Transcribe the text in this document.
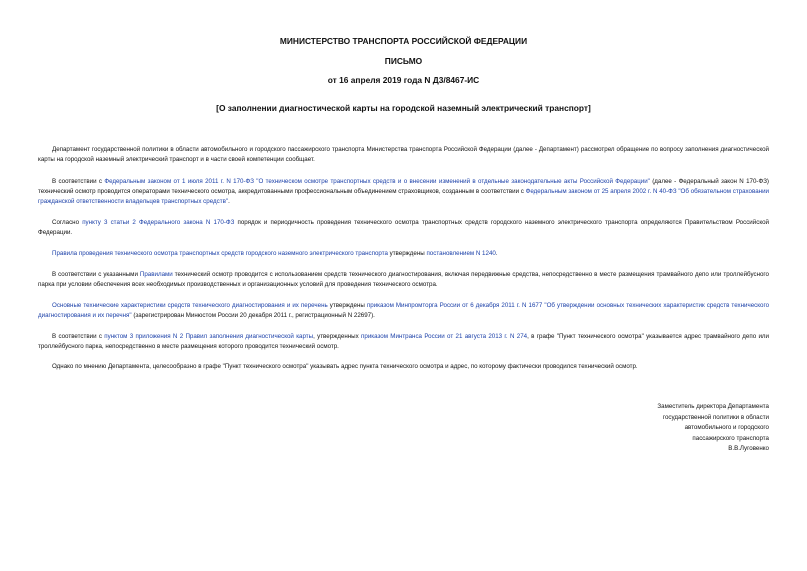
МИНИСТЕРСТВО ТРАНСПОРТА РОССИЙСКОЙ ФЕДЕРАЦИИ
ПИСЬМО
от 16 апреля 2019 года N Д3/8467-ИС
[О заполнении диагностической карты на городской наземный электрический транспорт]

Департамент государственной политики в области автомобильного и городского пассажирского транспорта Министерства транспорта Российской Федерации (далее - Департамент) рассмотрел обращение по вопросу заполнения диагностической карты на городской наземный электрический транспорт и в части своей компетенции сообщает.

В соответствии с Федеральным законом от 1 июля 2011 г. N 170-ФЗ "О техническом осмотре транспортных средств и о внесении изменений в отдельные законодательные акты Российской Федерации" (далее - Федеральный закон N 170-ФЗ) технический осмотр проводится операторами технического осмотра, аккредитованными профессиональным объединением страховщиков, созданным в соответствии с Федеральным законом от 25 апреля 2002 г. N 40-ФЗ "Об обязательном страховании гражданской ответственности владельцев транспортных средств".

Согласно пункту 3 статьи 2 Федерального закона N 170-ФЗ порядок и периодичность проведения технического осмотра транспортных средств городского наземного электрического транспорта определяются Правительством Российской Федерации.

Правила проведения технического осмотра транспортных средств городского наземного электрического транспорта утверждены постановлением N 1240.

В соответствии с указанными Правилами технический осмотр проводится с использованием средств технического диагностирования, включая передвижные средства, непосредственно в месте размещения трамвайного депо или троллейбусного парка при условии обеспечения всех необходимых производственных и организационных условий для проведения технического осмотра.

Основные технические характеристики средств технического диагностирования и их перечень утверждены приказом Минпромторга России от 6 декабря 2011 г. N 1677 "Об утверждении основных технических характеристик средств технического диагностирования и их перечня" (зарегистрирован Минюстом России 20 декабря 2011 г., регистрационный N 22697).

В соответствии с пунктом 3 приложения N 2 Правил заполнения диагностической карты, утвержденных приказом Минтранса России от 21 августа 2013 г. N 274, в графе "Пункт технического осмотра" указывается адрес трамвайного депо или троллейбусного парка, непосредственно в месте размещения которого проводится технический осмотр.

Однако по мнению Департамента, целесообразно в графе "Пункт технического осмотра" указывать адрес пункта технического осмотра и адрес, по которому фактически проводился технический осмотр.

Заместитель директора Департамента
государственной политики в области
автомобильного и городского
пассажирского транспорта
В.В.Луговенко
